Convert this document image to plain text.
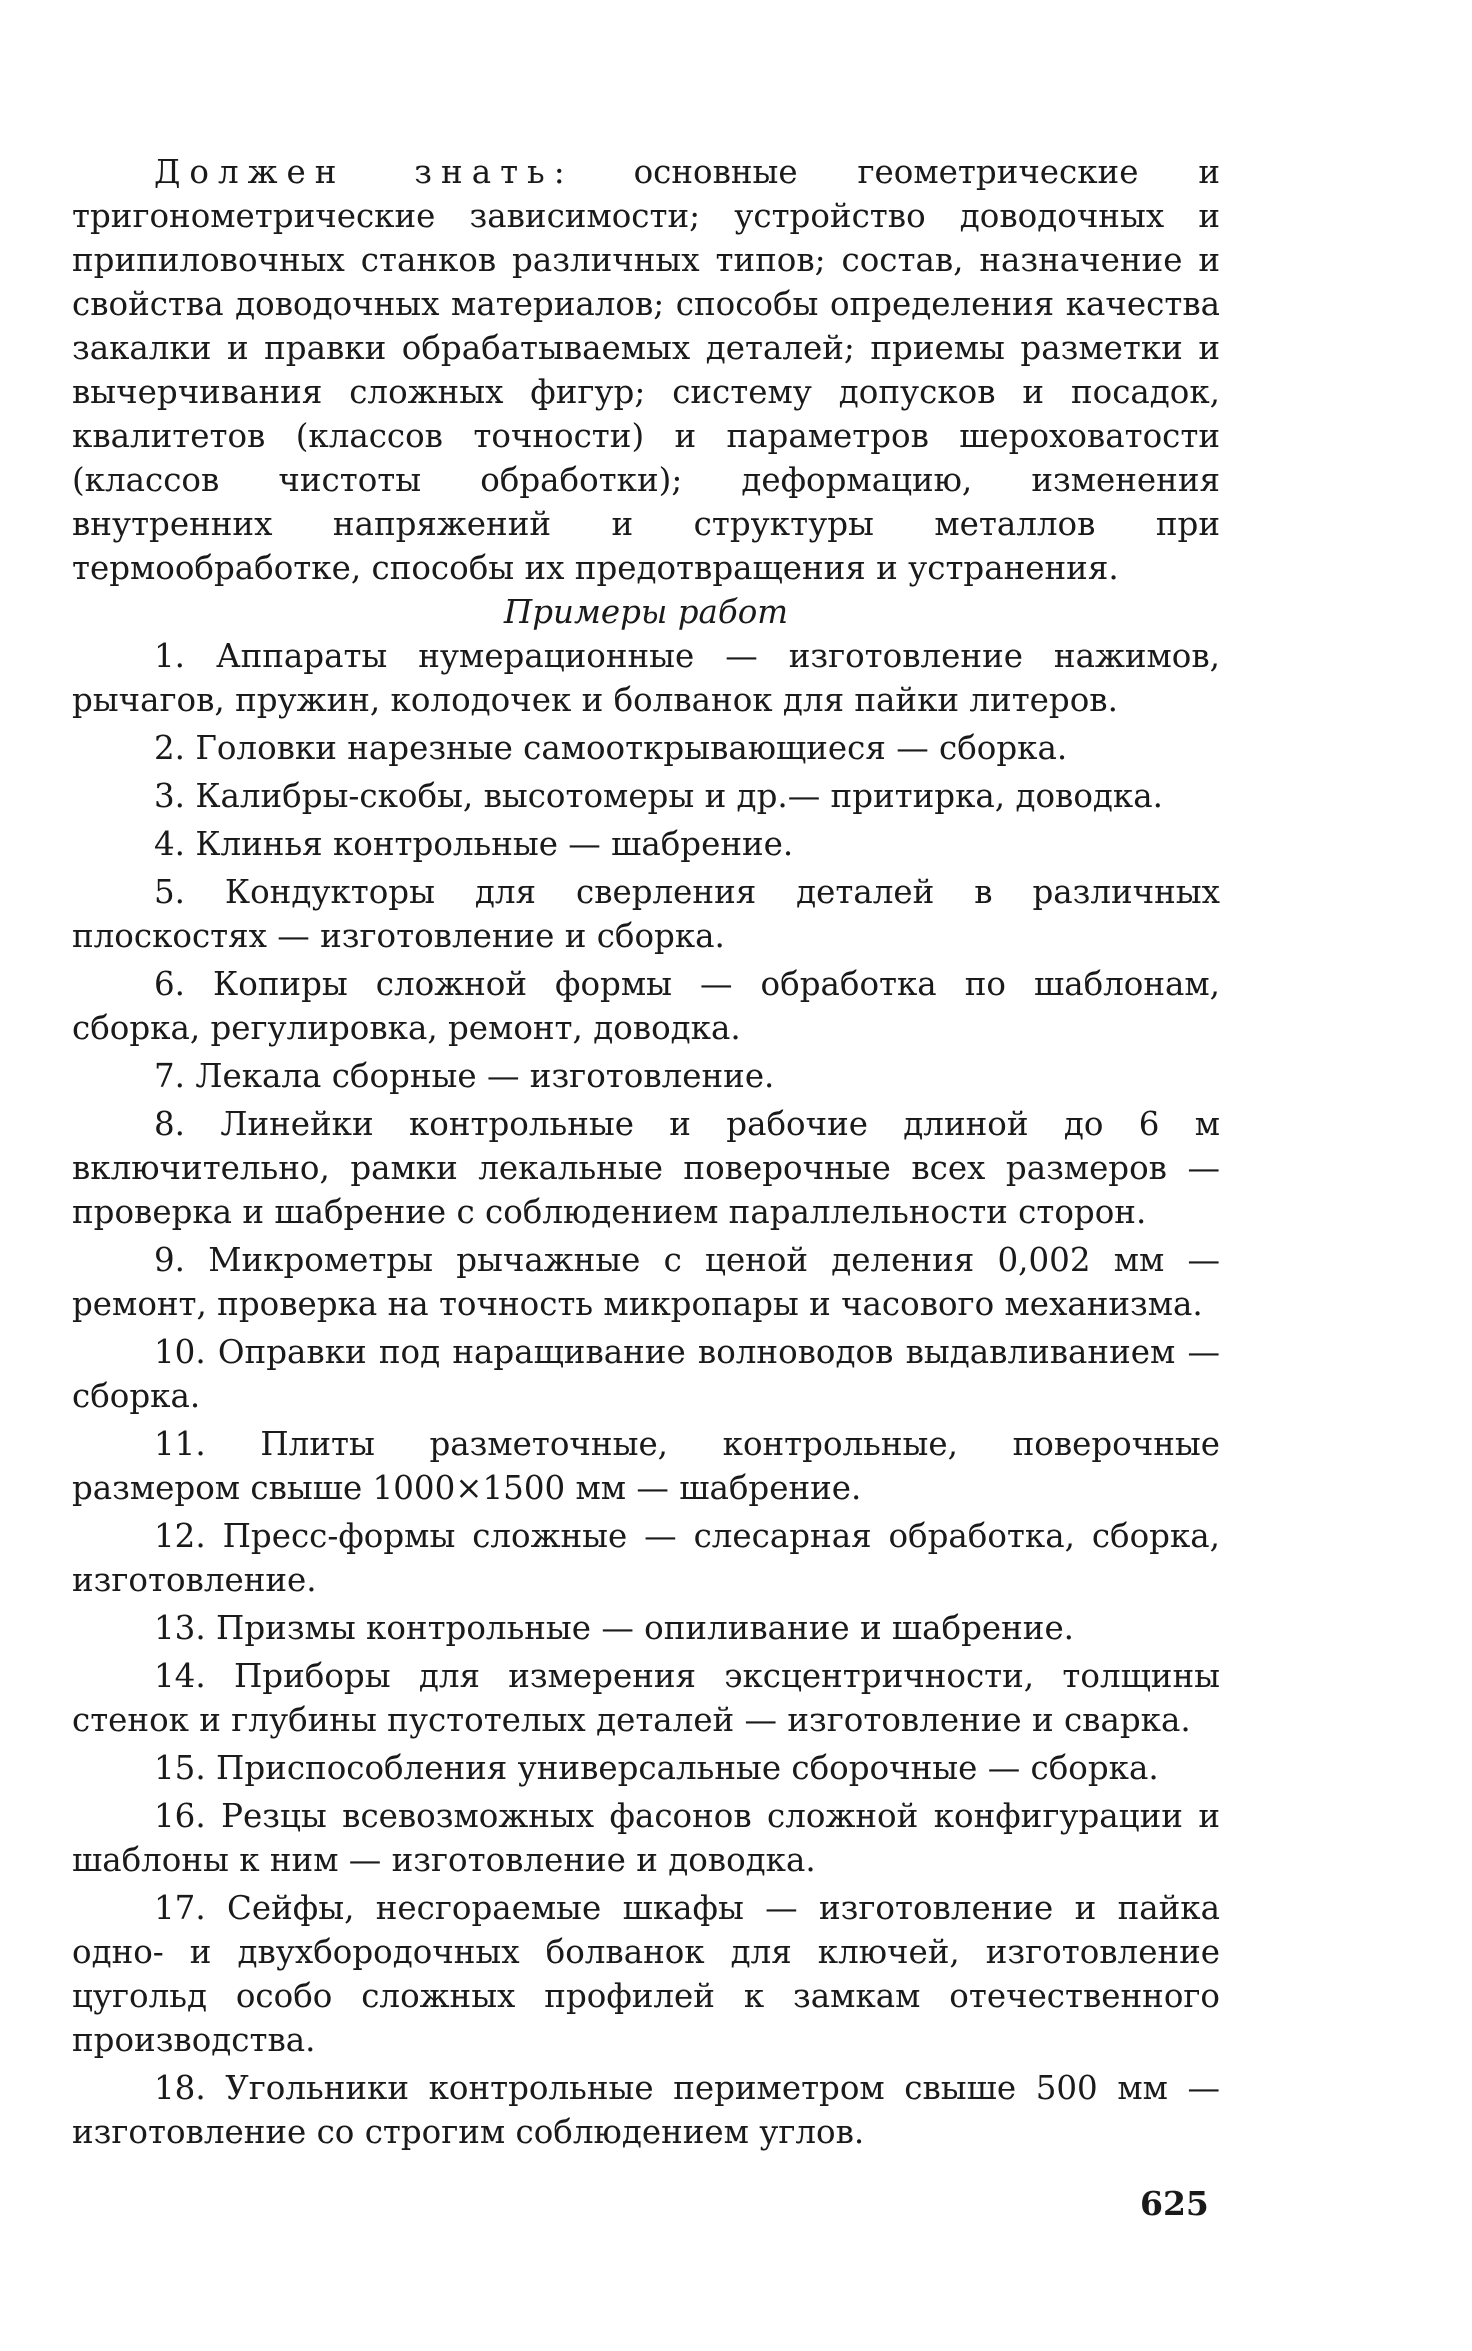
Должен знать: основные геометрические и тригонометрические зависимости; устройство доводочных и припиловочных станков различных типов; состав, назначение и свойства доводочных материалов; способы определения качества закалки и правки обрабатываемых деталей; приемы разметки и вычерчивания сложных фигур; систему допусков и посадок, квалитетов (классов точности) и параметров шероховатости (классов чистоты обработки); деформацию, изменения внутренних напряжений и структуры металлов при термообработке, способы их предотвращения и устранения.

Примеры работ

1. Аппараты нумерационные — изготовление нажимов, рычагов, пружин, колодочек и болванок для пайки литеров.
2. Головки нарезные самооткрывающиеся — сборка.
3. Калибры-скобы, высотомеры и др.— притирка, доводка.
4. Клинья контрольные — шабрение.
5. Кондукторы для сверления деталей в различных плоскостях — изготовление и сборка.
6. Копиры сложной формы — обработка по шаблонам, сборка, регулировка, ремонт, доводка.
7. Лекала сборные — изготовление.
8. Линейки контрольные и рабочие длиной до 6 м включительно, рамки лекальные поверочные всех размеров — проверка и шабрение с соблюдением параллельности сторон.
9. Микрометры рычажные с ценой деления 0,002 мм — ремонт, проверка на точность микропары и часового механизма.
10. Оправки под наращивание волноводов выдавливанием — сборка.
11. Плиты разметочные, контрольные, поверочные размером свыше 1000×1500 мм — шабрение.
12. Пресс-формы сложные — слесарная обработка, сборка, изготовление.
13. Призмы контрольные — опиливание и шабрение.
14. Приборы для измерения эксцентричности, толщины стенок и глубины пустотелых деталей — изготовление и сварка.
15. Приспособления универсальные сборочные — сборка.
16. Резцы всевозможных фасонов сложной конфигурации и шаблоны к ним — изготовление и доводка.
17. Сейфы, несгораемые шкафы — изготовление и пайка одно- и двухбородочных болванок для ключей, изготовление цугольд особо сложных профилей к замкам отечественного производства.
18. Угольники контрольные периметром свыше 500 мм — изготовление со строгим соблюдением углов.
625
